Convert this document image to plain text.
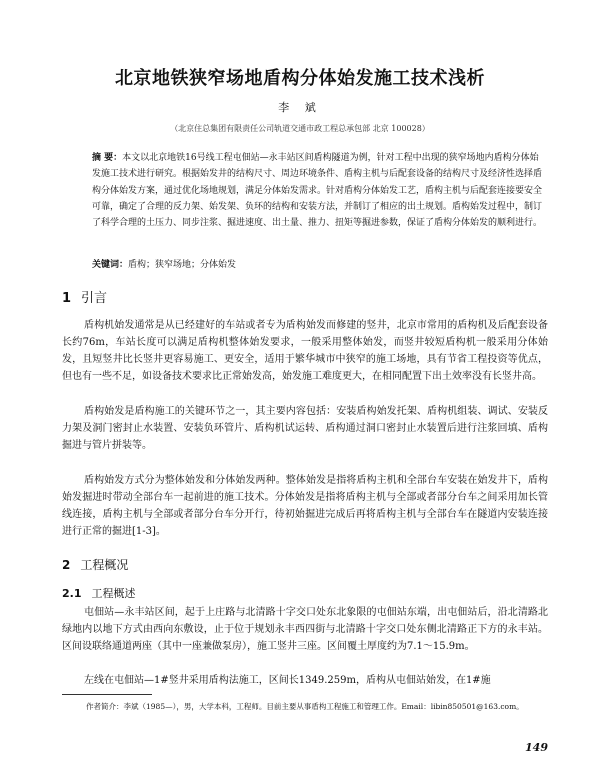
北京地铁狭窄场地盾构分体始发施工技术浅析
李 斌
（北京住总集团有限责任公司轨道交通市政工程总承包部 北京 100028）

摘 要：本文以北京地铁16号线工程屯佃站—永丰站区间盾构隧道为例，针对工程中出现的狭窄场地内盾构分体始发施工技术进行研究。根据始发井的结构尺寸、周边环境条件、盾构主机与后配套设备的结构尺寸及经济性选择盾构分体始发方案，通过优化场地规划，满足分体始发需求。针对盾构分体始发工艺，盾构主机与后配套连接要安全可靠，确定了合理的反力架、始发架、负环的结构和安装方法，并制订了相应的出土规划。盾构始发过程中，制订了科学合理的土压力、同步注浆、掘进速度、出土量、推力、扭矩等掘进参数，保证了盾构分体始发的顺利进行。

关键词：盾构；狭窄场地；分体始发
1 引言

盾构机始发通常是从已经建好的车站或者专为盾构始发而修建的竖井，北京市常用的盾构机及后配套设备长约76m，车站长度可以满足盾构机整体始发要求，一般采用整体始发，而竖井较短盾构机一般采用分体始发，且短竖井比长竖井更容易施工、更安全，适用于繁华城市中狭窄的施工场地，具有节省工程投资等优点，但也有一些不足，如设备技术要求比正常始发高，始发施工难度更大，在相同配置下出土效率没有长竖井高。

盾构始发是盾构施工的关键环节之一，其主要内容包括：安装盾构始发托架、盾构机组装、调试、安装反力架及洞门密封止水装置、安装负环管片、盾构机试运转、盾构通过洞口密封止水装置后进行注浆回填、盾构掘进与管片拼装等。

盾构始发方式分为整体始发和分体始发两种。整体始发是指将盾构主机和全部台车安装在始发井下，盾构始发掘进时带动全部台车一起前进的施工技术。分体始发是指将盾构主机与全部或者部分台车之间采用加长管线连接，盾构主机与全部或者部分台车分开行，待初始掘进完成后再将盾构主机与全部台车在隧道内安装连接进行正常的掘进[1-3]。

2 工程概况
2.1 工程概述

屯佃站—永丰站区间，起于上庄路与北清路十字交口处东北象限的屯佃站东端，出屯佃站后，沿北清路北绿地内以地下方式由西向东敷设，止于位于规划永丰西四街与北清路十字交口处东侧北清路正下方的永丰站。区间设联络通道两座（其中一座兼做泵房），施工竖井三座。区间覆土厚度约为7.1～15.9m。

左线在屯佃站—1#竖井采用盾构法施工，区间长1349.259m，盾构从屯佃站始发，在1#施

作者简介：李斌（1985—），男，大学本科，工程师。目前主要从事盾构工程施工和管理工作。Email：libin850501@163.com。

149
